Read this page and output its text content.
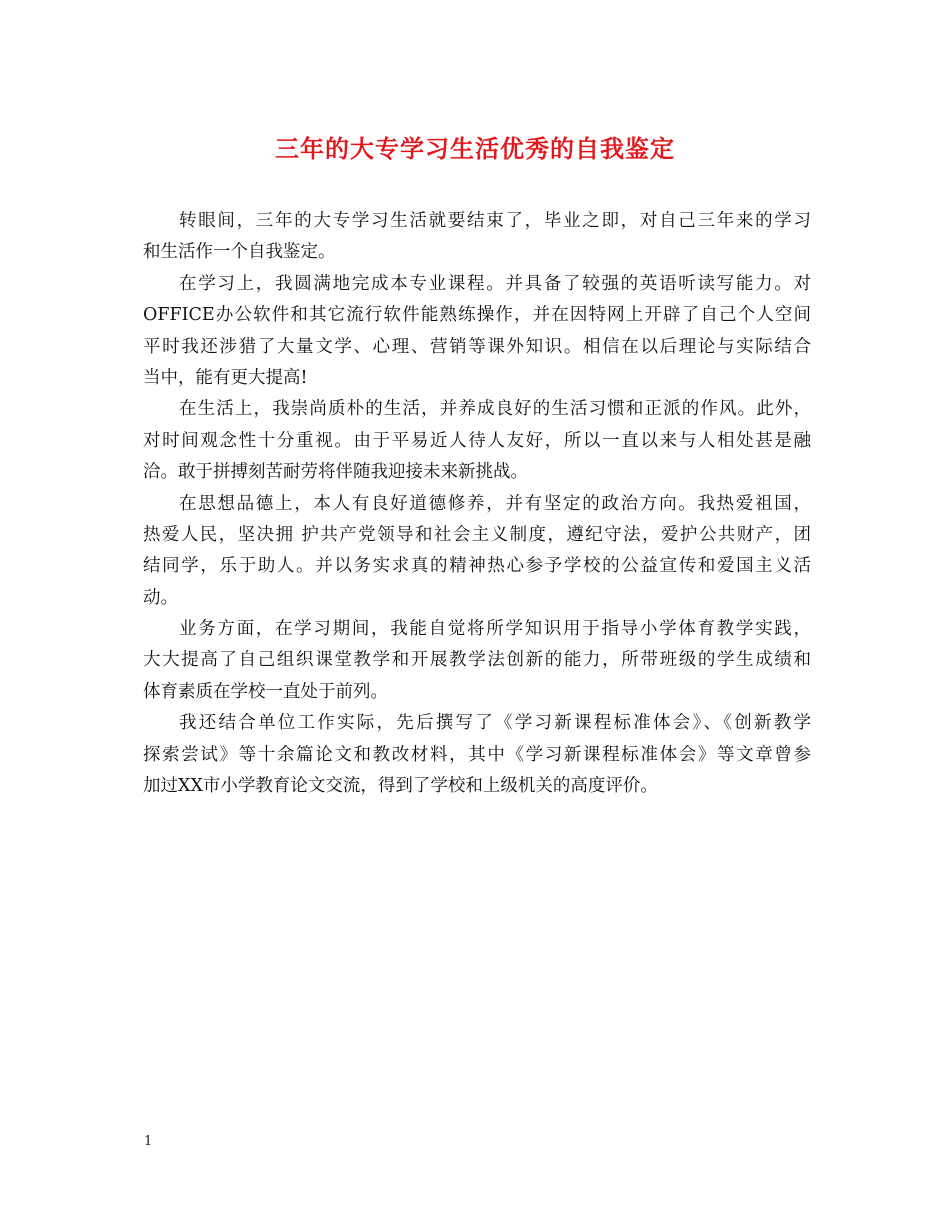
三年的大专学习生活优秀的自我鉴定
转眼间，三年的大专学习生活就要结束了，毕业之即，对自己三年来的学习
和生活作一个自我鉴定。
在学习上，我圆满地完成本专业课程。并具备了较强的英语听读写能力。对
OFFICE办公软件和其它流行软件能熟练操作，并在因特网上开辟了自己个人空间
平时我还涉猎了大量文学、心理、营销等课外知识。相信在以后理论与实际结合
当中，能有更大提高!
在生活上，我崇尚质朴的生活，并养成良好的生活习惯和正派的作风。此外，
对时间观念性十分重视。由于平易近人待人友好，所以一直以来与人相处甚是融
洽。敢于拼搏刻苦耐劳将伴随我迎接未来新挑战。
在思想品德上，本人有良好道德修养，并有坚定的政治方向。我热爱祖国，
热爱人民，坚决拥 护共产党领导和社会主义制度，遵纪守法，爱护公共财产，团
结同学，乐于助人。并以务实求真的精神热心参予学校的公益宣传和爱国主义活
动。
业务方面，在学习期间，我能自觉将所学知识用于指导小学体育教学实践，
大大提高了自己组织课堂教学和开展教学法创新的能力，所带班级的学生成绩和
体育素质在学校一直处于前列。
我还结合单位工作实际，先后撰写了《学习新课程标准体会》、《创新教学
探索尝试》等十余篇论文和教改材料，其中《学习新课程标准体会》等文章曾参
加过XX市小学教育论文交流，得到了学校和上级机关的高度评价。
1
